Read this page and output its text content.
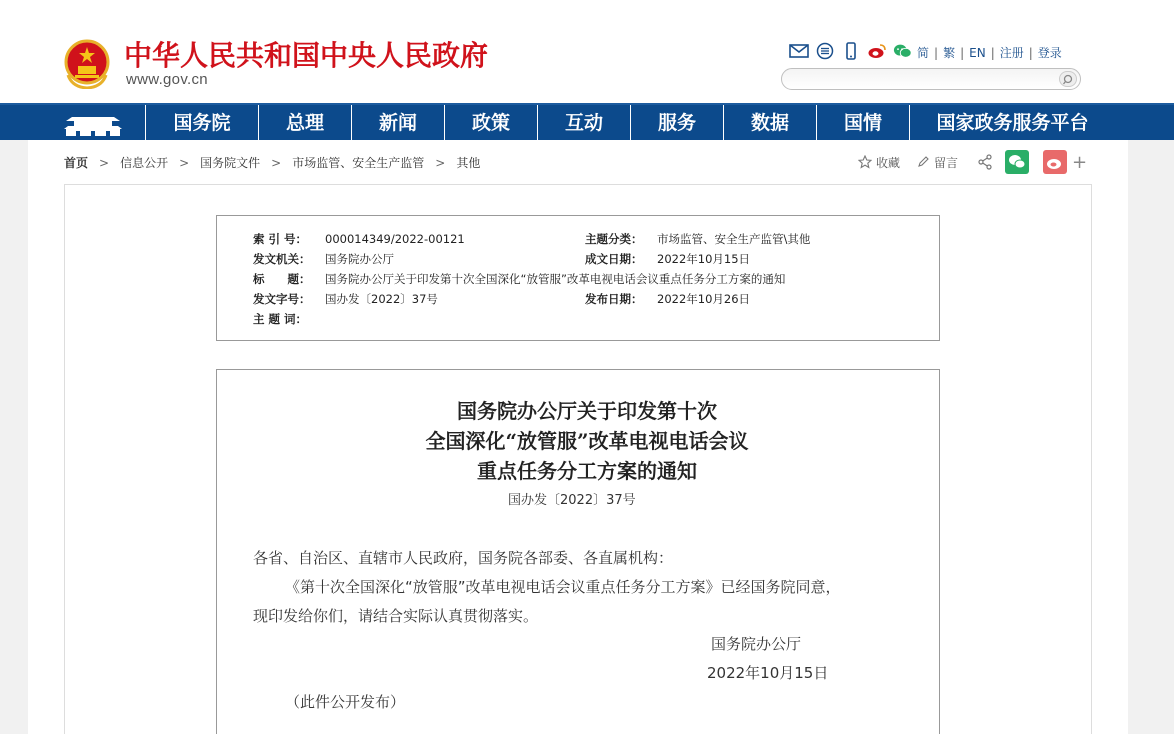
中华人民共和国中央人民政府
www.gov.cn
简 | 繁 | EN | 注册 | 登录
国务院	总理	新闻	政策	互动	服务	数据	国情	国家政务服务平台
首页 > 信息公开 > 国务院文件 > 市场监管、安全生产监管 > 其他	收藏	留言	+
索 引 号： 000014349/2022-00121	主题分类： 市场监管、安全生产监管\其他
发文机关： 国务院办公厅	成文日期： 2022年10月15日
标　　题： 国务院办公厅关于印发第十次全国深化“放管服”改革电视电话会议重点任务分工方案的通知
发文字号： 国办发〔2022〕37号	发布日期： 2022年10月26日
主 题 词：
国务院办公厅关于印发第十次
全国深化“放管服”改革电视电话会议
重点任务分工方案的通知
国办发〔2022〕37号
各省、自治区、直辖市人民政府，国务院各部委、各直属机构：
《第十次全国深化“放管服”改革电视电话会议重点任务分工方案》已经国务院同意，
现印发给你们，请结合实际认真贯彻落实。
国务院办公厅
2022年10月15日
（此件公开发布）
